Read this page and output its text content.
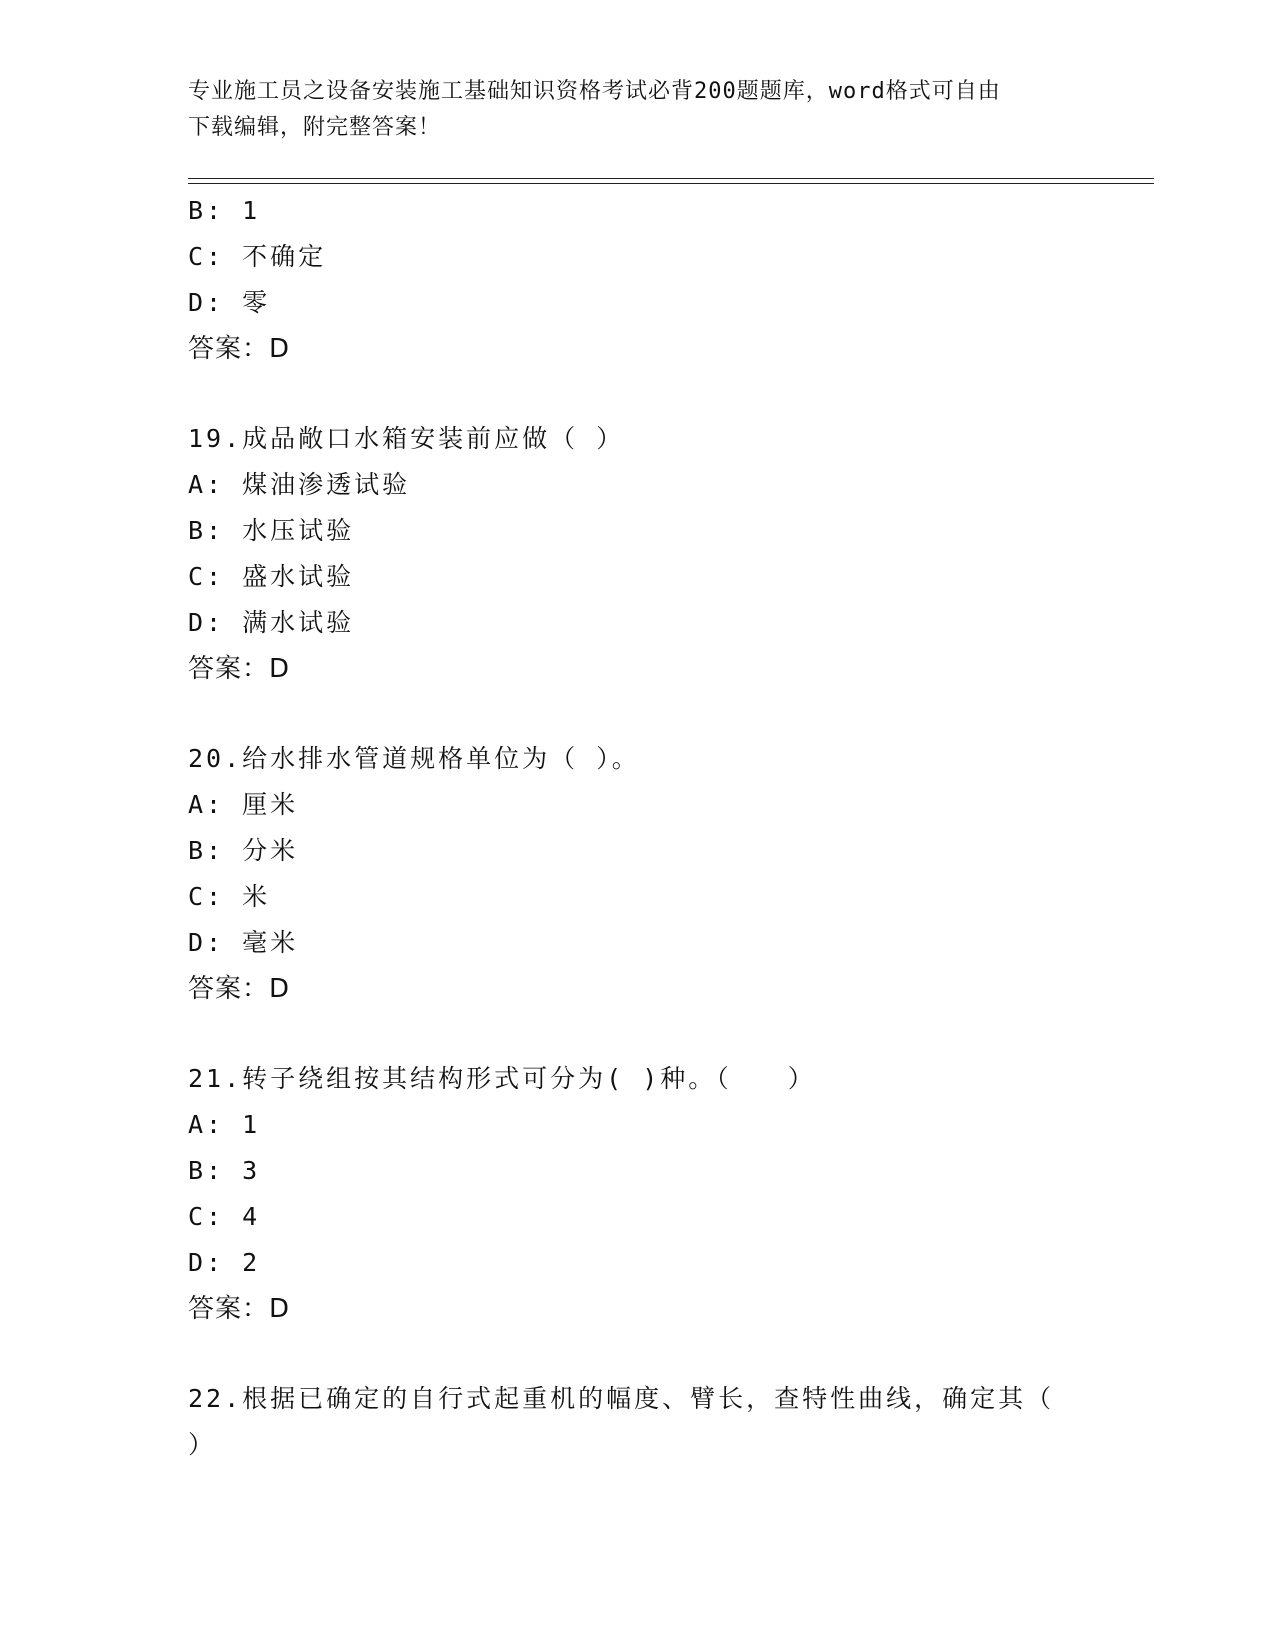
专业施工员之设备安装施工基础知识资格考试必背200题题库，word格式可自由
下载编辑，附完整答案！
B: 1
C: 不确定
D: 零
答案：D
19.成品敞口水箱安装前应做（ ）
A: 煤油渗透试验
B: 水压试验
C: 盛水试验
D: 满水试验
答案：D
20.给水排水管道规格单位为（ ）。
A: 厘米
B: 分米
C: 米
D: 毫米
答案：D
21.转子绕组按其结构形式可分为( )种。（　　）
A: 1
B: 3
C: 4
D: 2
答案：D
22.根据已确定的自行式起重机的幅度、臂长，查特性曲线，确定其（
）
